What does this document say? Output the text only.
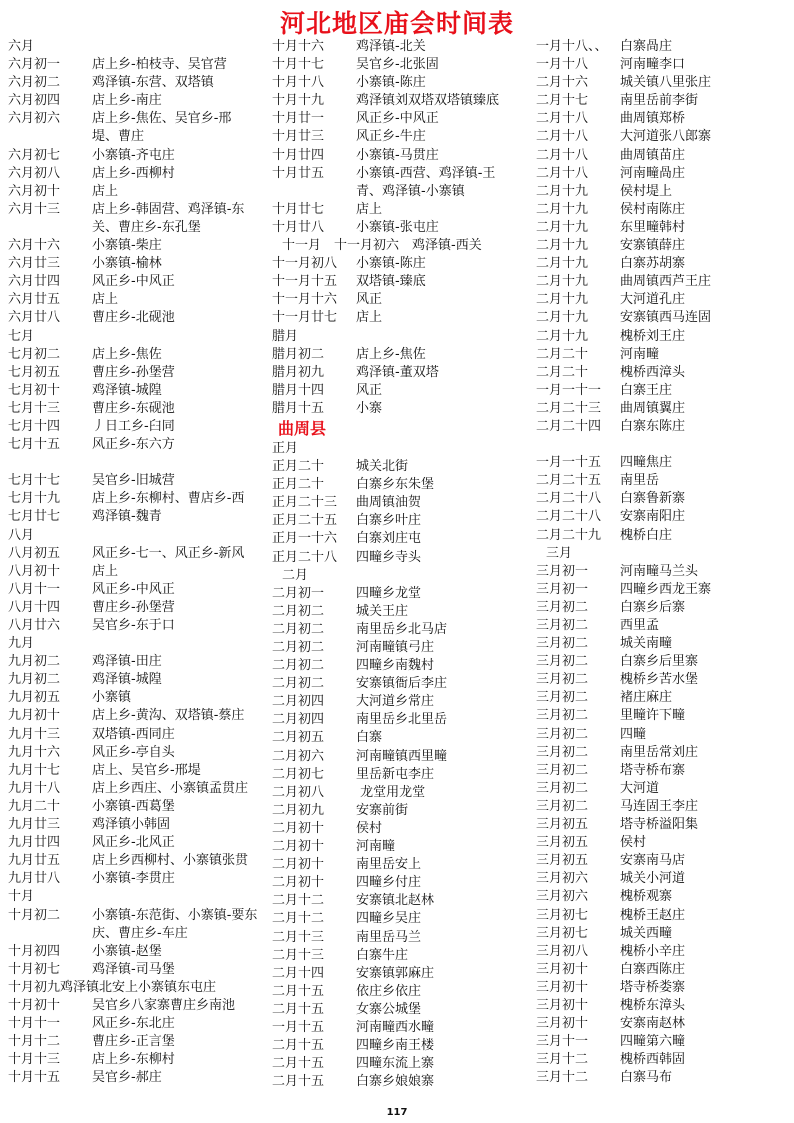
河北地区庙会时间表
六月
六月初一 店上乡-柏枝寺、吴官营
六月初二 鸡泽镇-东营、双塔镇
六月初四 店上乡-南庄
六月初六 店上乡-焦佐、吴官乡-邢
堤、曹庄
六月初七 小寨镇-齐屯庄
六月初八 店上乡-西柳村
六月初十 店上
六月十三 店上乡-韩固营、鸡泽镇-东
关、曹庄乡-东孔堡
六月十六 小寨镇-柴庄
六月廿三 小寨镇-榆林
六月廿四 风正乡-中风正
六月廿五 店上
六月廿八 曹庄乡-北砚池
七月
七月初二 店上乡-焦佐
七月初五 曹庄乡-孙堡营
七月初十 鸡泽镇-城隍
七月十三 曹庄乡-东砚池
七月十四 丿日工乡-臼同
七月十五 风正乡-东六方
七月十七 吴官乡-旧城营
七月十九 店上乡-东柳村、曹店乡-西
七月廿七 鸡泽镇-魏青
八月
八月初五 风正乡-七一、风正乡-新风
八月初十 店上
八月十一 风正乡-中风正
八月十四 曹庄乡-孙堡营
八月廿六 吴官乡-东于口
九月
九月初二 鸡泽镇-田庄
九月初二 鸡泽镇-城隍
九月初五 小寨镇
九月初十 店上乡-黄沟、双塔镇-蔡庄
九月十三 双塔镇-西同庄
九月十六 风正乡-亭自头
九月十七 店上、吴官乡-邢堤
九月十八 店上乡西庄、小寨镇孟贯庄
九月二十 小寨镇-西葛堡
九月廿三 鸡泽镇小韩固
九月廿四 风正乡-北风正
九月廿五 店上乡西柳村、小寨镇张贯
九月廿八 小寨镇-李贯庄
十月
十月初二 小寨镇-东范街、小寨镇-要东
庆、曹庄乡-车庄
十月初四 小寨镇-赵堡
十月初七 鸡泽镇-司马堡
十月初九鸡泽镇北安上小寨镇东屯庄
十月初十 吴官乡八家寨曹庄乡南池
十月十一 风正乡-东北庄
十月十二 曹庄乡-正言堡
十月十三 店上乡-东柳村
十月十五 吴官乡-郝庄
十月十六 鸡泽镇-北关
十月十七 吴官乡-北张固
十月十八 小寨镇-陈庄
十月十九 鸡泽镇刘双塔双塔镇臻底
十月廿一 风正乡-中风正
十月廿三 风正乡-牛庄
十月廿四 小寨镇-马贯庄
十月廿五 小寨镇-西营、鸡泽镇-王
青、鸡泽镇-小寨镇
十月廿七 店上
十月廿八 小寨镇-张屯庄
十一月　十一月初六　鸡泽镇-西关
十一月初八 小寨镇-陈庄
十一月十五 双塔镇-臻底
十一月十六 风正
十一月廿七 店上
腊月
腊月初二 店上乡-焦佐
腊月初九 鸡泽镇-董双塔
腊月十四 风正
腊月十五 小寨
曲周县
正月
正月二十 城关北街
正月二十 白寨乡东朱堡
正月二十三 曲周镇油贺
正月二十五 白寨乡叶庄
正月一十六 白寨刘庄屯
正月二十八 四疃乡寺头
二月
二月初一 四疃乡龙堂
二月初二 城关王庄
二月初二 南里岳乡北马店
二月初二 河南疃镇弓庄
二月初二 四疃乡南魏村
二月初二 安寨镇衙后李庄
二月初四 大河道乡常庄
二月初四 南里岳乡北里岳
二月初五 白寨
二月初六 河南疃镇西里疃
二月初七 里岳新屯李庄
二月初八 龙堂用龙堂
二月初九 安寨前街
二月初十 侯村
二月初十 河南疃
二月初十 南里岳安上
二月初十 四疃乡付庄
二月十二 安寨镇北赵林
二月十二 四疃乡吴庄
二月十三 南里岳马兰
二月十三 白寨牛庄
二月十四 安寨镇郭麻庄
二月十五 依庄乡依庄
二月十五 女寨公城堡
一月十五 河南疃西水疃
二月十五 四疃乡南王楼
二月十五 四疃东流上寨
二月十五 白寨乡娘娘寨
一月十八、、 白寨咼庄
一月十八 河南疃李口
二月十六 城关镇八里张庄
二月十七 南里岳前李街
二月十八 曲周镇郑桥
二月十八 大河道张八郎寨
二月十八 曲周镇苗庄
二月十八 河南疃咼庄
二月十九 侯村堤上
二月十九 侯村南陈庄
二月十九 东里疃韩村
二月十九 安寨镇薛庄
二月十九 白寨苏胡寨
二月十九 曲周镇西芦王庄
二月十九 大河道孔庄
二月十九 安寨镇西马连固
二月十九 槐桥刘王庄
二月二十 河南疃
二月二十 槐桥西漳头
一月一十一 白寨王庄
二月二十三 曲周镇翼庄
二月二十四 白寨东陈庄
一月一十五 四疃焦庄
二月二十五 南里岳
二月二十八 白寨鲁新寨
二月二十八 安寨南阳庄
二月二十九 槐桥白庄
三月
三月初一 河南疃马兰头
三月初一 四疃乡西龙王寨
三月初二 白寨乡后寨
三月初二 西里孟
三月初二 城关南疃
三月初二 白寨乡后里寨
三月初二 槐桥乡苦水堡
三月初二 褚庄麻庄
三月初二 里疃许下疃
三月初二 四疃
三月初二 南里岳常刘庄
三月初二 塔寺桥布寨
三月初二 大河道
三月初二 马连固王李庄
三月初五 塔寺桥溢阳集
三月初五 侯村
三月初五 安寨南马店
三月初六 城关小河道
三月初六 槐桥观寨
三月初七 槐桥王赵庄
三月初七 城关西疃
三月初八 槐桥小辛庄
三月初十 白寨西陈庄
三月初十 塔寺桥娄寨
三月初十 槐桥东漳头
三月初十 安寨南赵林
三月十一 四疃第六疃
三月十二 槐桥西韩固
三月十二 白寨马布
117
